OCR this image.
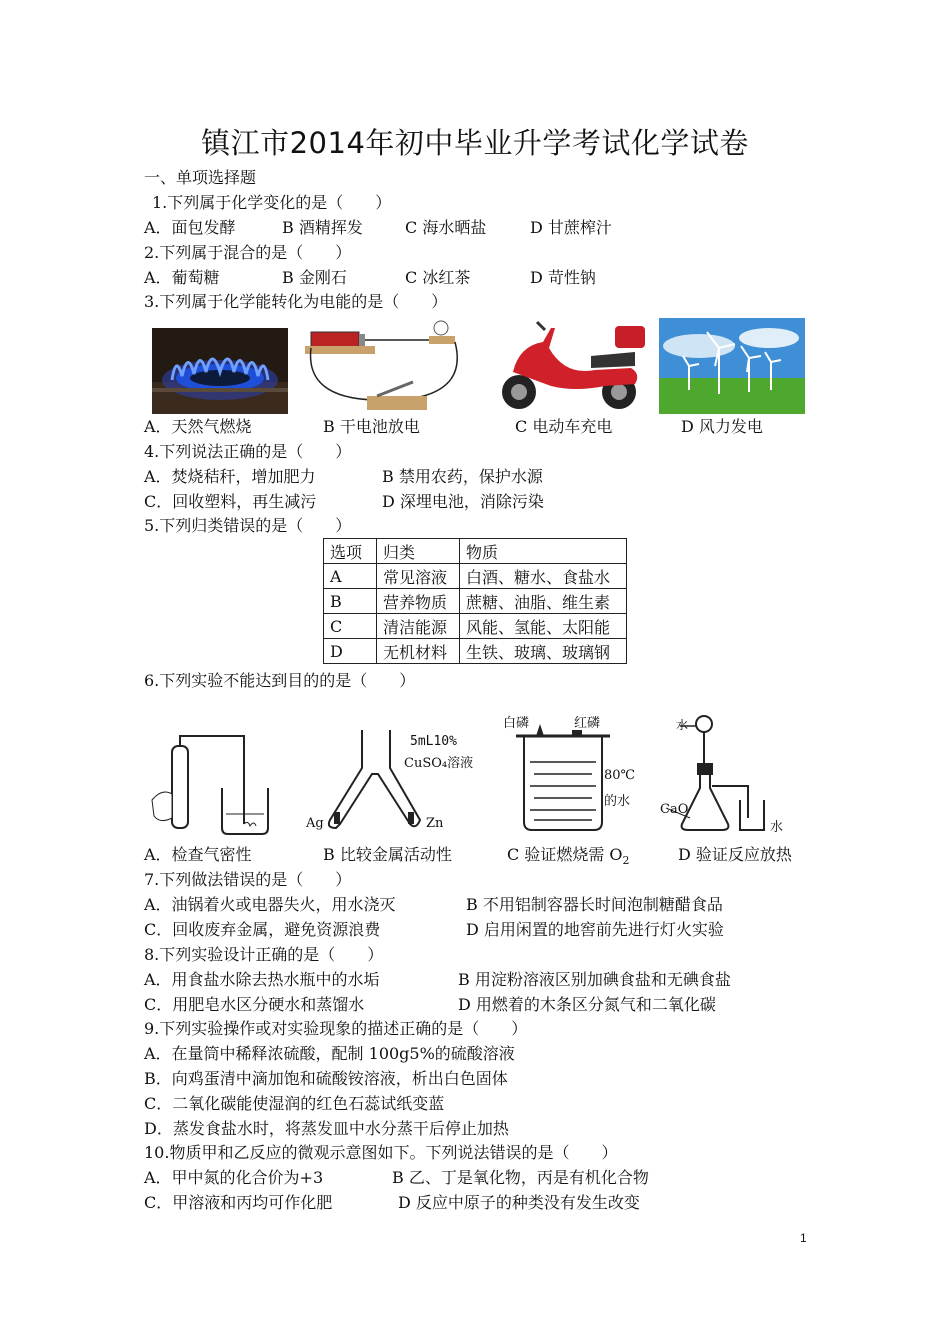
镇江市2014年初中毕业升学考试化学试卷
一、单项选择题
1.下列属于化学变化的是（　　）
A．面包发酵	B 酒精挥发	C 海水晒盐	D 甘蔗榨汁
2.下列属于混合的是（　　）
A．葡萄糖	B 金刚石	C 冰红茶	D 苛性钠
3.下列属于化学能转化为电能的是（　　）
A．天然气燃烧	B 干电池放电	C 电动车充电	D 风力发电
4.下列说法正确的是（　　）
A．焚烧秸秆，增加肥力	B 禁用农药，保护水源
C．回收塑料，再生减污	D 深埋电池，消除污染
5.下列归类错误的是（　　）
选项	归类	物质
A	常见溶液	白酒、糖水、食盐水
B	营养物质	蔗糖、油脂、维生素
C	清洁能源	风能、氢能、太阳能
D	无机材料	生铁、玻璃、玻璃钢
6.下列实验不能达到目的的是（　　）
5mL10%
CuSO₄溶液
Ag	Zn
白磷	红磷
80℃
的水
水
CaO
水
A．检查气密性	B 比较金属活动性	C 验证燃烧需 $O_2$	D 验证反应放热
7.下列做法错误的是（　　）
A．油锅着火或电器失火，用水浇灭	B 不用铝制容器长时间泡制糖醋食品
C．回收废弃金属，避免资源浪费	D 启用闲置的地窖前先进行灯火实验
8.下列实验设计正确的是（　　）
A．用食盐水除去热水瓶中的水垢	B 用淀粉溶液区别加碘食盐和无碘食盐
C．用肥皂水区分硬水和蒸馏水	D 用燃着的木条区分氮气和二氧化碳
9.下列实验操作或对实验现象的描述正确的是（　　）
A．在量筒中稀释浓硫酸，配制 100g5%的硫酸溶液
B．向鸡蛋清中滴加饱和硫酸铵溶液，析出白色固体
C．二氧化碳能使湿润的红色石蕊试纸变蓝
D．蒸发食盐水时，将蒸发皿中水分蒸干后停止加热
10.物质甲和乙反应的微观示意图如下。下列说法错误的是（　　）
A．甲中氮的化合价为+3	B 乙、丁是氧化物，丙是有机化合物
C．甲溶液和丙均可作化肥	D 反应中原子的种类没有发生改变
1
